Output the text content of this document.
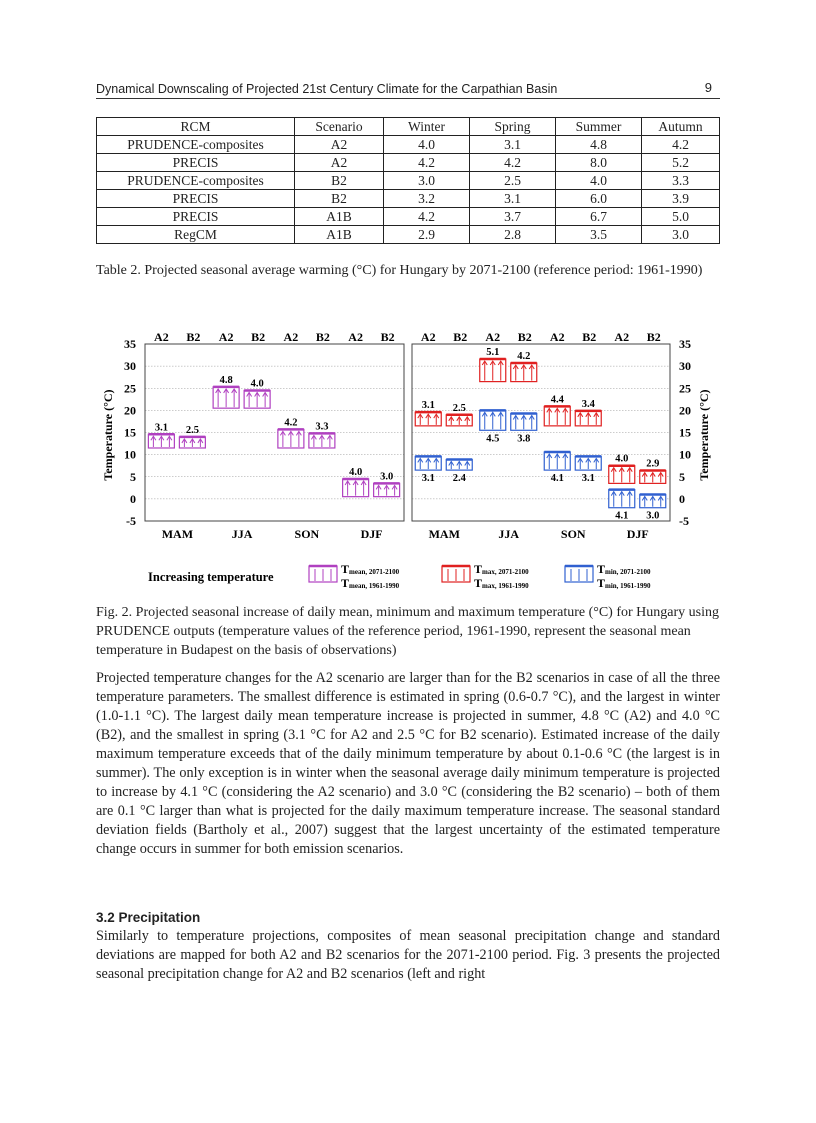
Dynamical Downscaling of Projected 21st Century Climate for the Carpathian Basin	9
RCM	Scenario	Winter	Spring	Summer	Autumn
PRUDENCE-composites	A2	4.0	3.1	4.8	4.2
PRECIS	A2	4.2	4.2	8.0	5.2
PRUDENCE-composites	B2	3.0	2.5	4.0	3.3
PRECIS	B2	3.2	3.1	6.0	3.9
PRECIS	A1B	4.2	3.7	6.7	5.0
RegCM	A1B	2.9	2.8	3.5	3.0
Table 2. Projected seasonal average warming (°C) for Hungary by 2071-2100 (reference period: 1961-1990)
35	35
30	30
25	25
20	20
15	15
10	10
5	5
0	0
-5	-5
Temperature (°C)	Temperature (°C)
MAM
A2 B2
3.1 2.5
JJA
A2 B2
4.8 4.0
SON
A2 B2
4.2 3.3
DJF
A2 B2
4.0 3.0
MAM
A2 B2
3.1 2.5
3.1 2.4
JJA
A2 B2
5.1 4.2
4.5 3.8
SON
A2 B2
4.4 3.4
4.1 3.1
DJF
A2 B2
4.0 2.9
4.1 3.0
Increasing temperature
T mean, 2071-2100
T mean, 1961-1990
T max, 2071-2100
T max, 1961-1990
T min, 2071-2100
T min, 1961-1990
Fig. 2. Projected seasonal increase of daily mean, minimum and maximum temperature (°C) for Hungary using PRUDENCE outputs (temperature values of the reference period, 1961-1990, represent the seasonal mean temperature in Budapest on the basis of observations)
Projected temperature changes for the A2 scenario are larger than for the B2 scenarios in case of all the three temperature parameters. The smallest difference is estimated in spring (0.6-0.7 °C), and the largest in winter (1.0-1.1 °C). The largest daily mean temperature increase is projected in summer, 4.8 °C (A2) and 4.0 °C (B2), and the smallest in spring (3.1 °C for A2 and 2.5 °C for B2 scenario). Estimated increase of the daily maximum temperature exceeds that of the daily minimum temperature by about 0.1-0.6 °C (the largest is in summer). The only exception is in winter when the seasonal average daily minimum temperature is projected to increase by 4.1 °C (considering the A2 scenario) and 3.0 °C (considering the B2 scenario) – both of them are 0.1 °C larger than what is projected for the daily maximum temperature increase. The seasonal standard deviation fields (Bartholy et al., 2007) suggest that the largest uncertainty of the estimated temperature change occurs in summer for both emission scenarios.
3.2 Precipitation
Similarly to temperature projections, composites of mean seasonal precipitation change and standard deviations are mapped for both A2 and B2 scenarios for the 2071-2100 period. Fig. 3 presents the projected seasonal precipitation change for A2 and B2 scenarios (left and right
